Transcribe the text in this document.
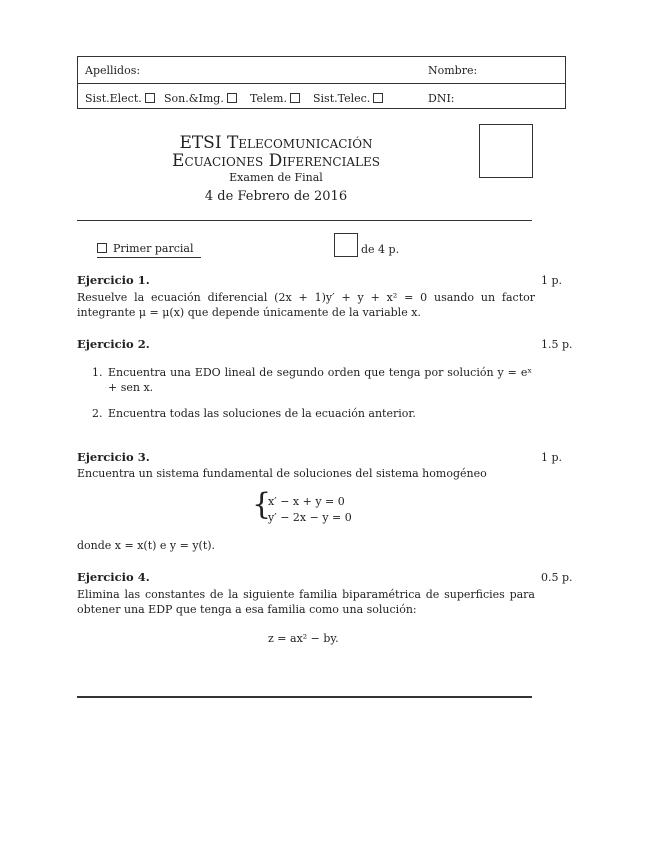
Apellidos:	Nombre:
Sist.Elect.	Son.&Img.	Telem.	Sist.Telec.	DNI:
ETSI Telecomunicación
Ecuaciones Diferenciales
Examen de Final
4 de Febrero de 2016
Primer parcial	de 4 p.
Ejercicio 1.	1 p.
Resuelve la ecuación diferencial (2x + 1)y′ + y + x² = 0 usando un factor integrante μ = μ(x) que depende únicamente de la variable x.
Ejercicio 2.	1.5 p.
1. Encuentra una EDO lineal de segundo orden que tenga por solución y = eˣ + sen x.
2. Encuentra todas las soluciones de la ecuación anterior.
Ejercicio 3.	1 p.
Encuentra un sistema fundamental de soluciones del sistema homogéneo
{
x′ − x + y = 0
y′ − 2x − y = 0
donde x = x(t) e y = y(t).
Ejercicio 4.	0.5 p.
Elimina las constantes de la siguiente familia biparamétrica de superficies para obtener una EDP que tenga a esa familia como una solución:
z = ax² − by.
